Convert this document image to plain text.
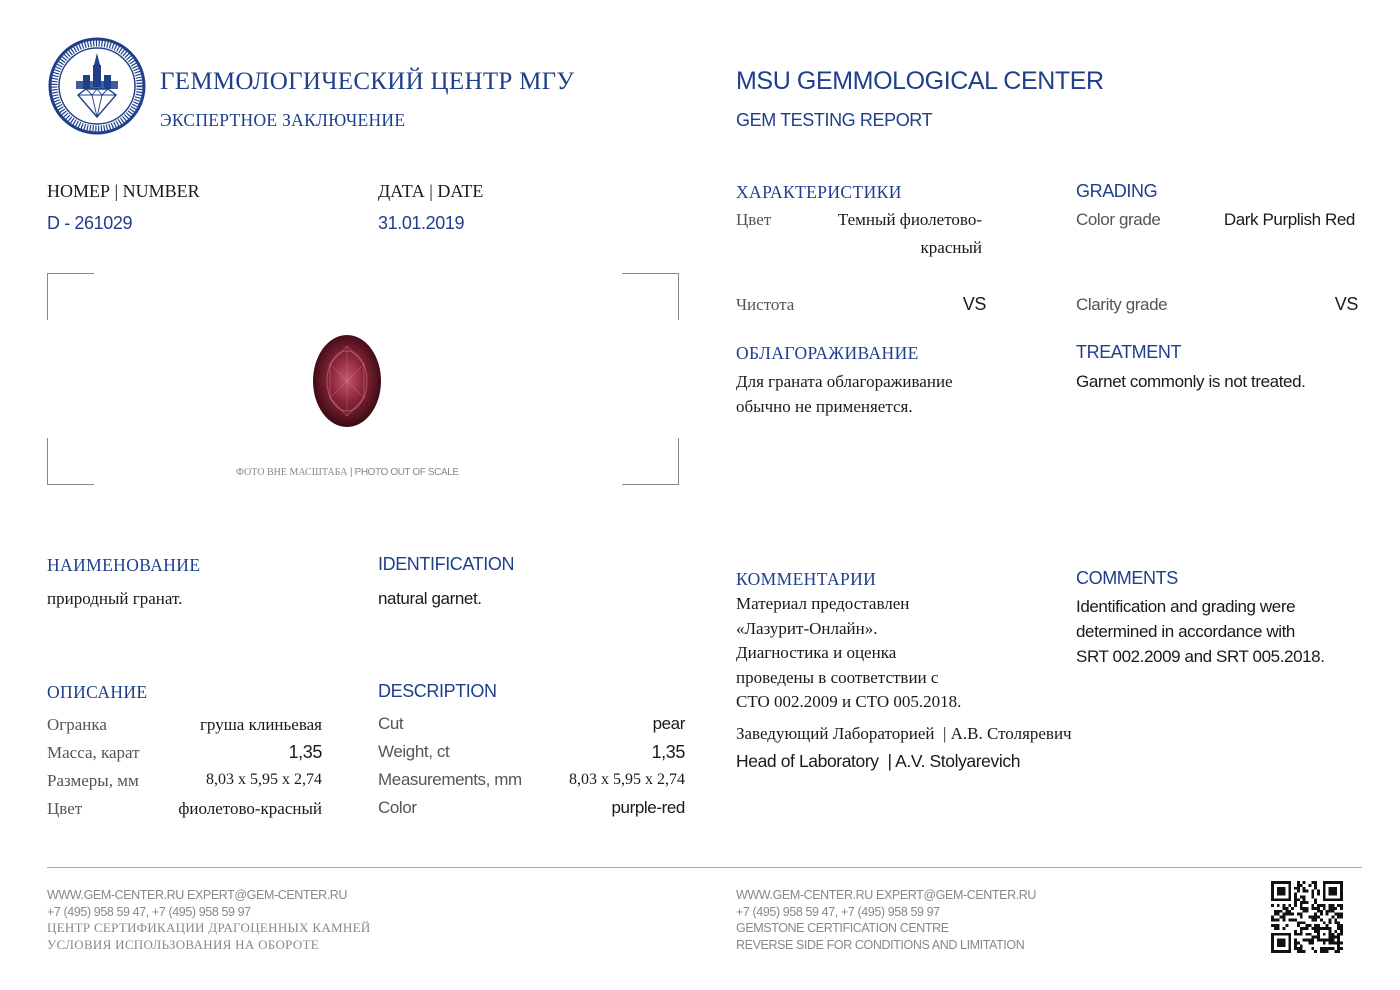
ГЕММОЛОГИЧЕСКИЙ ЦЕНТР МГУ
ЭКСПЕРТНОЕ ЗАКЛЮЧЕНИЕ
MSU GEMMOLOGICAL CENTER
GEM TESTING REPORT
НОМЕР | NUMBER
D - 261029
ДАТА | DATE
31.01.2019
ФОТО ВНЕ МАСШТАБА | PHOTO OUT OF SCALE
ХАРАКТЕРИСТИКИ
Цвет	Темный фиолетово-
красный
Чистота	VS
GRADING
Color grade	Dark Purplish Red
Clarity grade	VS
ОБЛАГОРАЖИВАНИЕ
Для граната облагораживание обычно не применяется.
TREATMENT
Garnet commonly is not treated.
НАИМЕНОВАНИЕ
природный гранат.
IDENTIFICATION
natural garnet.
ОПИСАНИЕ	DESCRIPTION
Огранка	груша клиньевая
Масса, карат	1,35
Размеры, мм	8,03 x 5,95 x 2,74
Цвет	фиолетово-красный
Cut	pear
Weight, ct	1,35
Measurements, mm	8,03 x 5,95 x 2,74
Color	purple-red
КОММЕНТАРИИ
Материал предоставлен
«Лазурит-Онлайн».
Диагностика и оценка
проведены в соответствии с
СТО 002.2009 и СТО 005.2018.
COMMENTS
Identification and grading were
determined in accordance with
SRT 002.2009 and SRT 005.2018.
Заведующий Лабораторией  | А.В. Столяревич
Head of Laboratory  | A.V. Stolyarevich
WWW.GEM-CENTER.RU EXPERT@GEM-CENTER.RU
+7 (495) 958 59 47, +7 (495) 958 59 97
ЦЕНТР СЕРТИФИКАЦИИ ДРАГОЦЕННЫХ КАМНЕЙ
УСЛОВИЯ ИСПОЛЬЗОВАНИЯ НА ОБОРОТЕ
WWW.GEM-CENTER.RU EXPERT@GEM-CENTER.RU
+7 (495) 958 59 47, +7 (495) 958 59 97
GEMSTONE CERTIFICATION CENTRE
REVERSE SIDE FOR CONDITIONS AND LIMITATION
